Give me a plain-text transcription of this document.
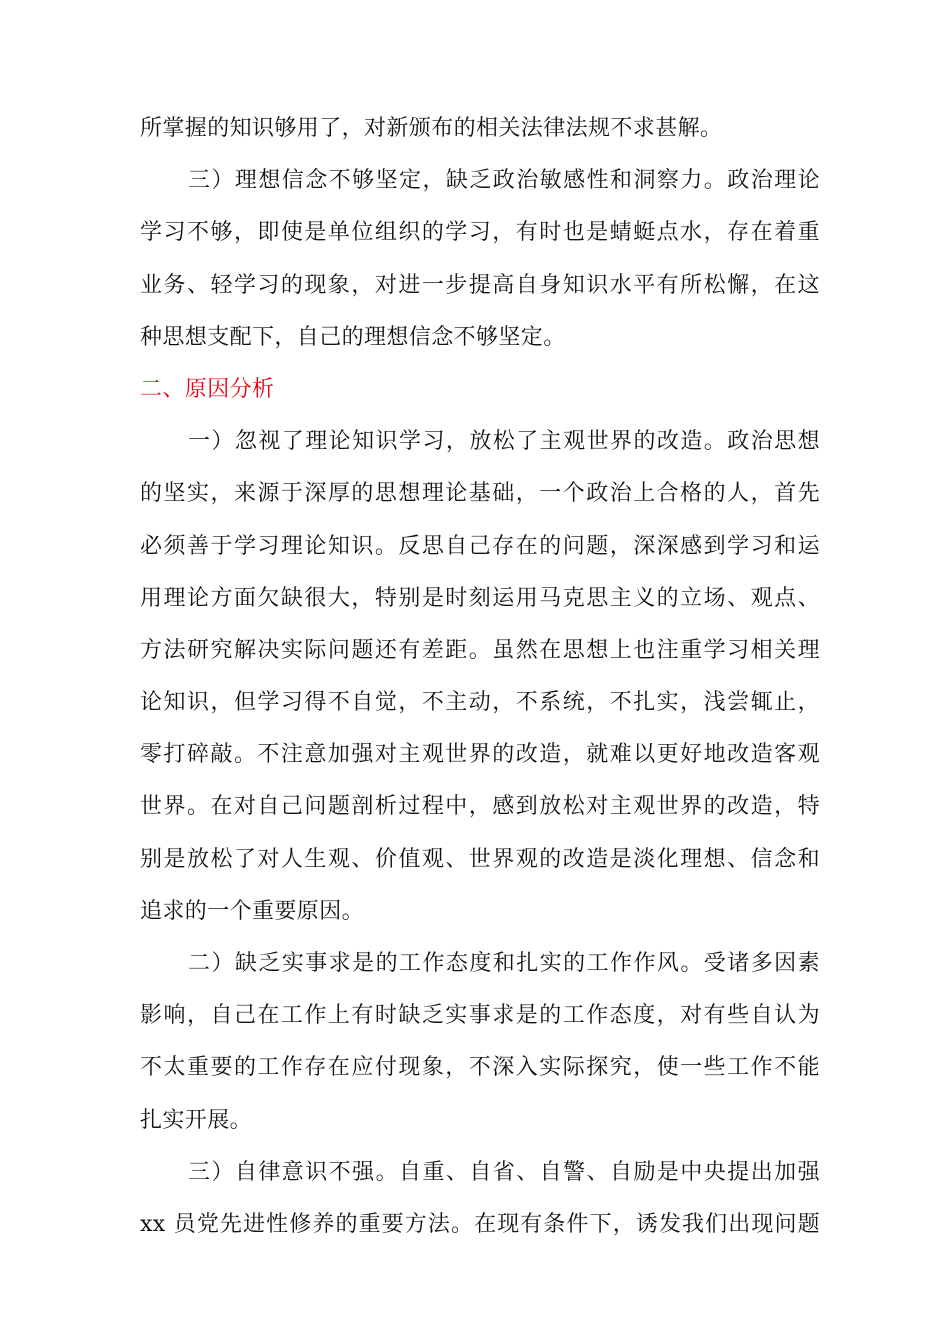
所掌握的知识够用了，对新颁布的相关法律法规不求甚解。
三）理想信念不够坚定，缺乏政治敏感性和洞察力。政治理论
学习不够，即使是单位组织的学习，有时也是蜻蜓点水，存在着重
业务、轻学习的现象，对进一步提高自身知识水平有所松懈，在这
种思想支配下，自己的理想信念不够坚定。
二、原因分析
一）忽视了理论知识学习，放松了主观世界的改造。政治思想
的坚实，来源于深厚的思想理论基础，一个政治上合格的人，首先
必须善于学习理论知识。反思自己存在的问题，深深感到学习和运
用理论方面欠缺很大，特别是时刻运用马克思主义的立场、观点、
方法研究解决实际问题还有差距。虽然在思想上也注重学习相关理
论知识，但学习得不自觉，不主动，不系统，不扎实，浅尝辄止，
零打碎敲。不注意加强对主观世界的改造，就难以更好地改造客观
世界。在对自己问题剖析过程中，感到放松对主观世界的改造，特
别是放松了对人生观、价值观、世界观的改造是淡化理想、信念和
追求的一个重要原因。
二）缺乏实事求是的工作态度和扎实的工作作风。受诸多因素
影响，自己在工作上有时缺乏实事求是的工作态度，对有些自认为
不太重要的工作存在应付现象，不深入实际探究，使一些工作不能
扎实开展。
三）自律意识不强。自重、自省、自警、自励是中央提出加强
xx 员党先进性修养的重要方法。在现有条件下，诱发我们出现问题
